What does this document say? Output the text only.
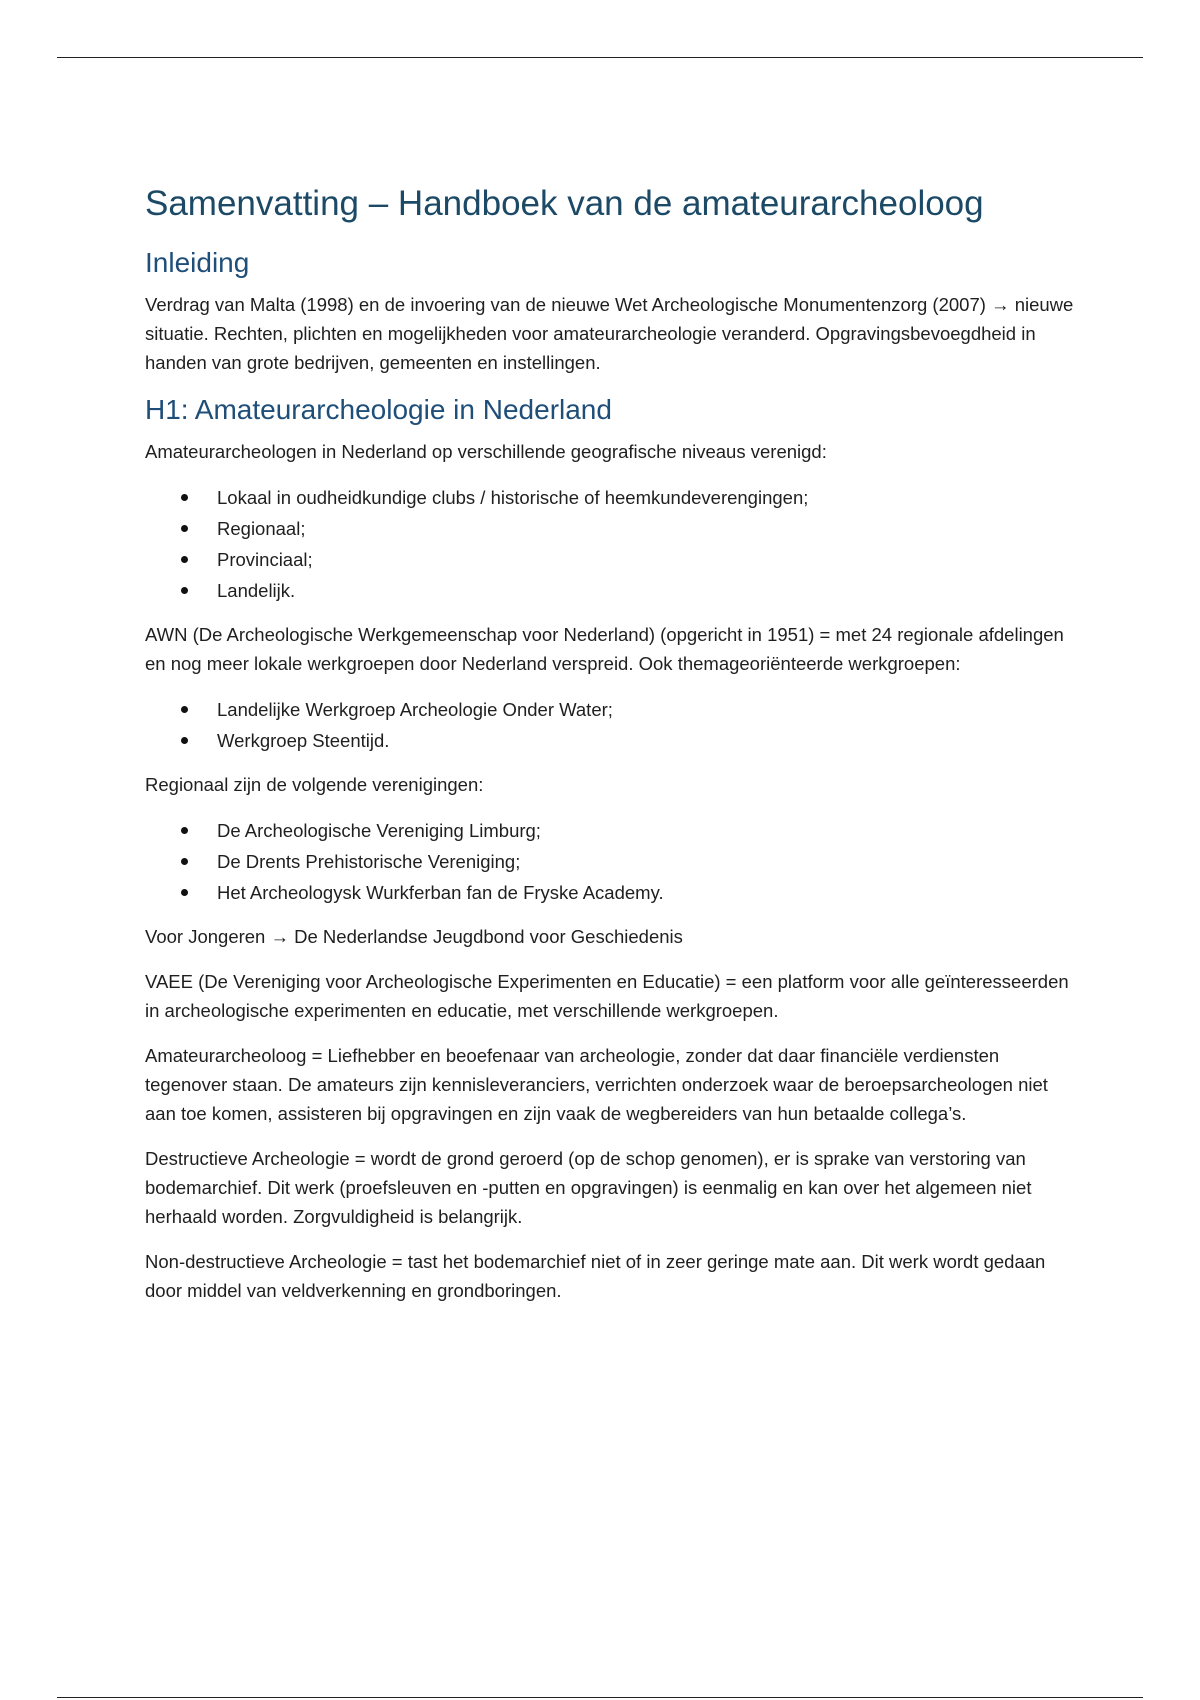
Samenvatting – Handboek van de amateurarcheoloog
Inleiding

Verdrag van Malta (1998) en de invoering van de nieuwe Wet Archeologische Monumentenzorg (2007) → nieuwe situatie. Rechten, plichten en mogelijkheden voor amateurarcheologie veranderd. Opgravingsbevoegdheid in handen van grote bedrijven, gemeenten en instellingen.

H1: Amateurarcheologie in Nederland

Amateurarcheologen in Nederland op verschillende geografische niveaus verenigd:

Lokaal in oudheidkundige clubs / historische of heemkundeverengingen;
Regionaal;
Provinciaal;
Landelijk.

AWN (De Archeologische Werkgemeenschap voor Nederland) (opgericht in 1951) = met 24 regionale afdelingen en nog meer lokale werkgroepen door Nederland verspreid. Ook themageoriënteerde werkgroepen:

Landelijke Werkgroep Archeologie Onder Water;
Werkgroep Steentijd.

Regionaal zijn de volgende verenigingen:

De Archeologische Vereniging Limburg;
De Drents Prehistorische Vereniging;
Het Archeologysk Wurkferban fan de Fryske Academy.

Voor Jongeren → De Nederlandse Jeugdbond voor Geschiedenis

VAEE (De Vereniging voor Archeologische Experimenten en Educatie) = een platform voor alle geïnteresseerden in archeologische experimenten en educatie, met verschillende werkgroepen.

Amateurarcheoloog = Liefhebber en beoefenaar van archeologie, zonder dat daar financiële verdiensten tegenover staan. De amateurs zijn kennisleveranciers, verrichten onderzoek waar de beroepsarcheologen niet aan toe komen, assisteren bij opgravingen en zijn vaak de wegbereiders van hun betaalde collega’s.

Destructieve Archeologie = wordt de grond geroerd (op de schop genomen), er is sprake van verstoring van bodemarchief. Dit werk (proefsleuven en -putten en opgravingen) is eenmalig en kan over het algemeen niet herhaald worden. Zorgvuldigheid is belangrijk.

Non-destructieve Archeologie = tast het bodemarchief niet of in zeer geringe mate aan. Dit werk wordt gedaan door middel van veldverkenning en grondboringen.
